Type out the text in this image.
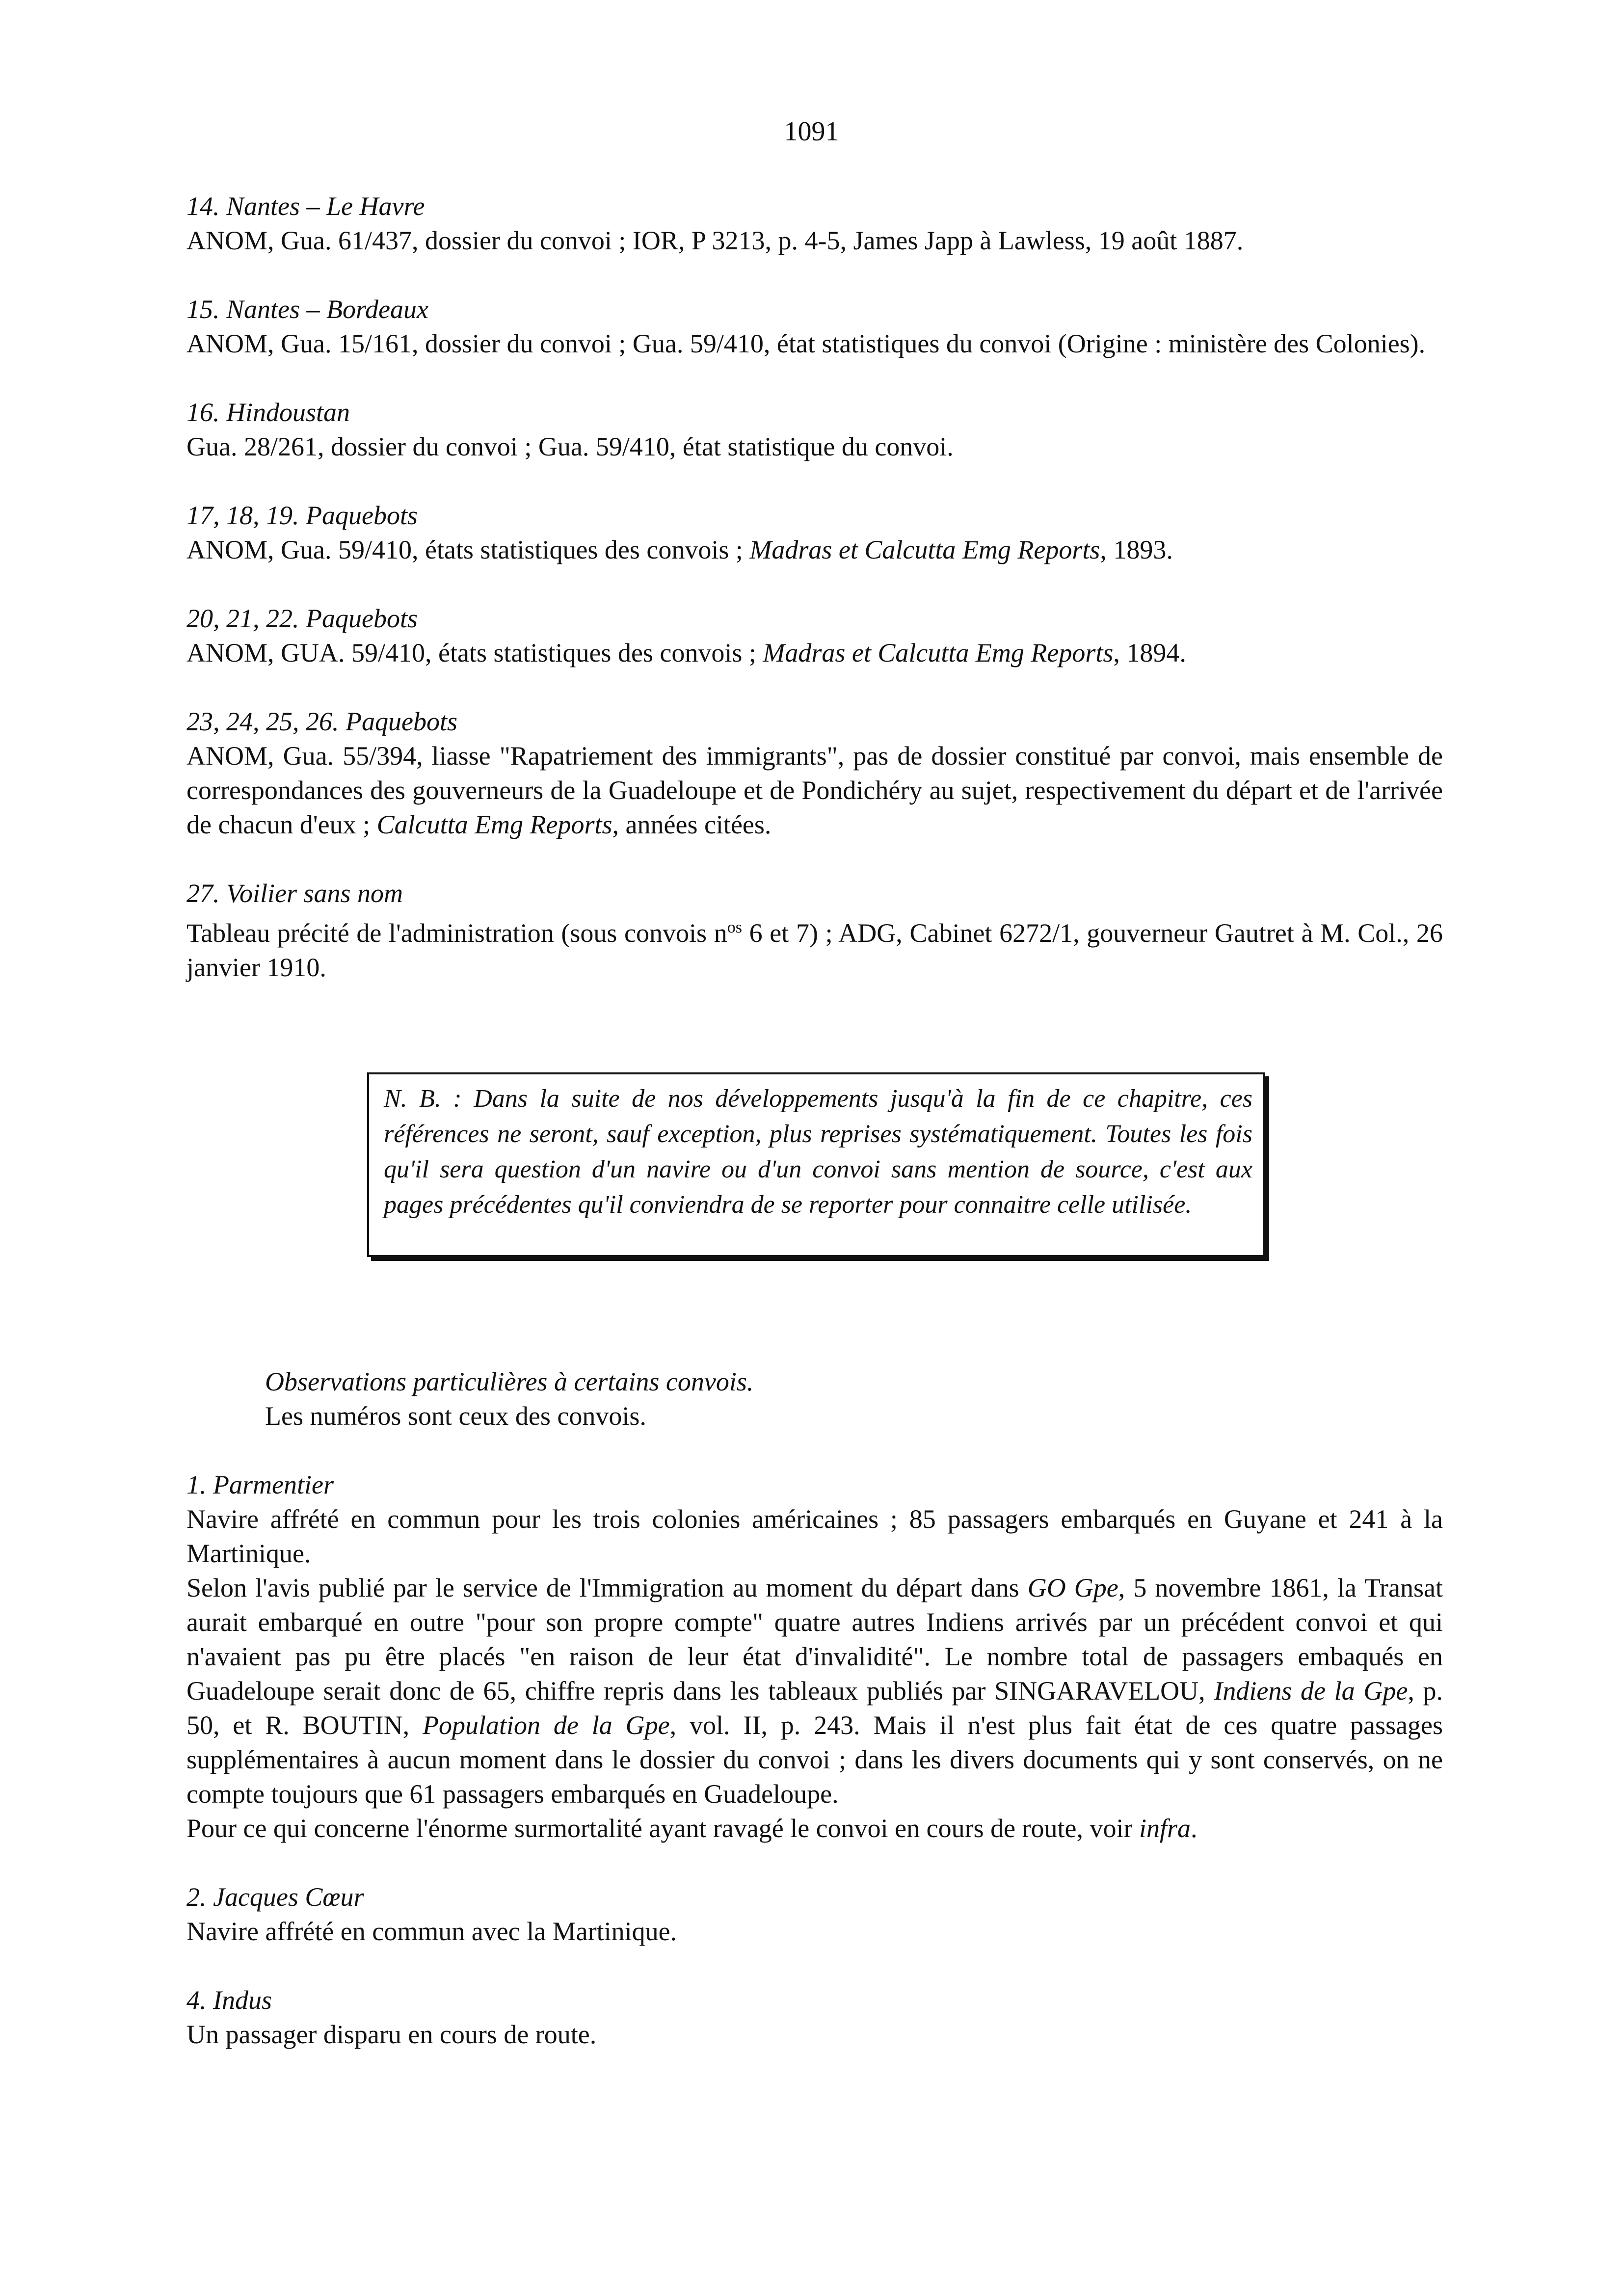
1091
14. Nantes – Le Havre
ANOM, Gua. 61/437, dossier du convoi ; IOR, P 3213, p. 4-5, James Japp à Lawless, 19 août 1887.
15. Nantes – Bordeaux
ANOM, Gua. 15/161, dossier du convoi ; Gua. 59/410, état statistiques du convoi (Origine : ministère des Colonies).
16. Hindoustan
Gua. 28/261, dossier du convoi ; Gua. 59/410, état statistique du convoi.
17, 18, 19. Paquebots
ANOM, Gua. 59/410, états statistiques des convois ; Madras et Calcutta Emg Reports, 1893.
20, 21, 22. Paquebots
ANOM, GUA. 59/410, états statistiques des convois ; Madras et Calcutta Emg Reports, 1894.
23, 24, 25, 26. Paquebots
ANOM, Gua. 55/394, liasse "Rapatriement des immigrants", pas de dossier constitué par convoi, mais ensemble de correspondances des gouverneurs de la Guadeloupe et de Pondichéry au sujet, respectivement du départ et de l'arrivée de chacun d'eux ; Calcutta Emg Reports, années citées.
27. Voilier sans nom
Tableau précité de l'administration (sous convois $n^{os}$ 6 et 7) ; ADG, Cabinet 6272/1, gouverneur Gautret à M. Col., 26 janvier 1910.
N. B. : Dans la suite de nos développements jusqu'à la fin de ce chapitre, ces références ne seront, sauf exception, plus reprises systématiquement. Toutes les fois qu'il sera question d'un navire ou d'un convoi sans mention de source, c'est aux pages précédentes qu'il conviendra de se reporter pour connaitre celle utilisée.
Observations particulières à certains convois.
Les numéros sont ceux des convois.
1. Parmentier

Navire affrété en commun pour les trois colonies américaines ; 85 passagers embarqués en Guyane et 241 à la Martinique.

Selon l'avis publié par le service de l'Immigration au moment du départ dans GO Gpe, 5 novembre 1861, la Transat aurait embarqué en outre "pour son propre compte" quatre autres Indiens arrivés par un précédent convoi et qui n'avaient pas pu être placés "en raison de leur état d'invalidité". Le nombre total de passagers embaqués en Guadeloupe serait donc de 65, chiffre repris dans les tableaux publiés par SINGARAVELOU, Indiens de la Gpe, p. 50, et R. BOUTIN, Population de la Gpe, vol. II, p. 243. Mais il n'est plus fait état de ces quatre passages supplémentaires à aucun moment dans le dossier du convoi ; dans les divers documents qui y sont conservés, on ne compte toujours que 61 passagers embarqués en Guadeloupe.

Pour ce qui concerne l'énorme surmortalité ayant ravagé le convoi en cours de route, voir infra.

2. Jacques Cœur

Navire affrété en commun avec la Martinique.

4. Indus

Un passager disparu en cours de route.
